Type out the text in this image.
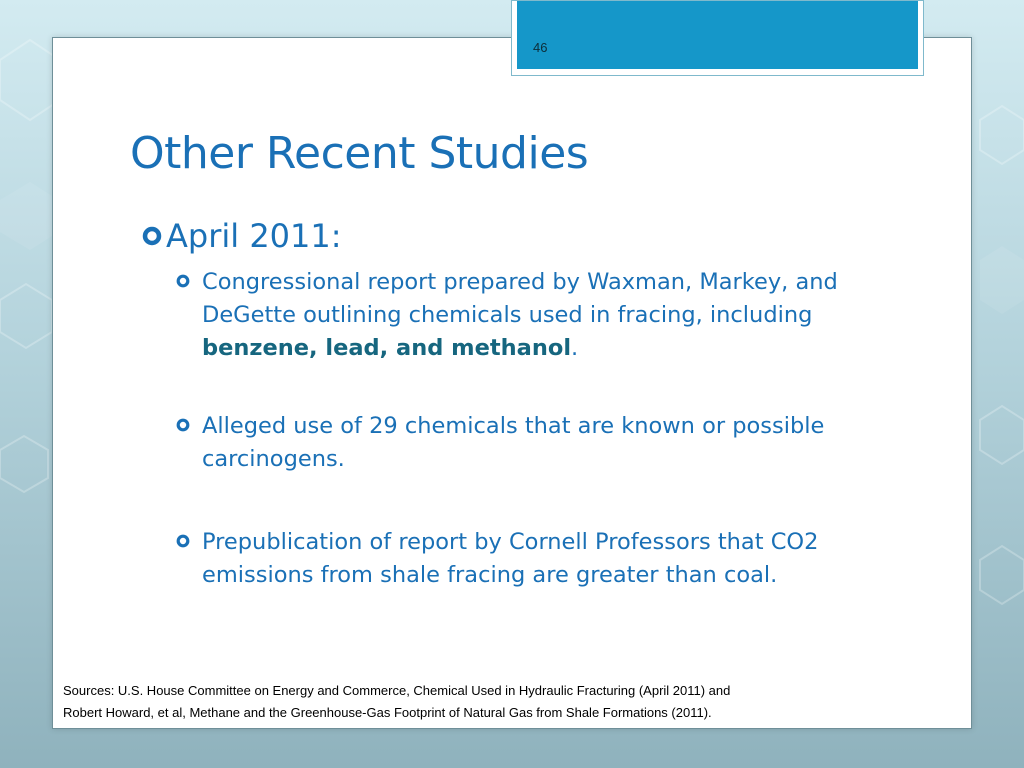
46
Other Recent Studies
April 2011:
Congressional report prepared by Waxman, Markey, and DeGette outlining chemicals used in fracing, including benzene, lead, and methanol.
Alleged use of 29 chemicals that are known or possible carcinogens.
Prepublication of report by Cornell Professors that CO2 emissions from shale fracing are greater than coal.
Sources: U.S. House Committee on Energy and Commerce, Chemical Used in Hydraulic Fracturing (April 2011) and
Robert Howard, et al, Methane and the Greenhouse-Gas Footprint of Natural Gas from Shale Formations (2011).
